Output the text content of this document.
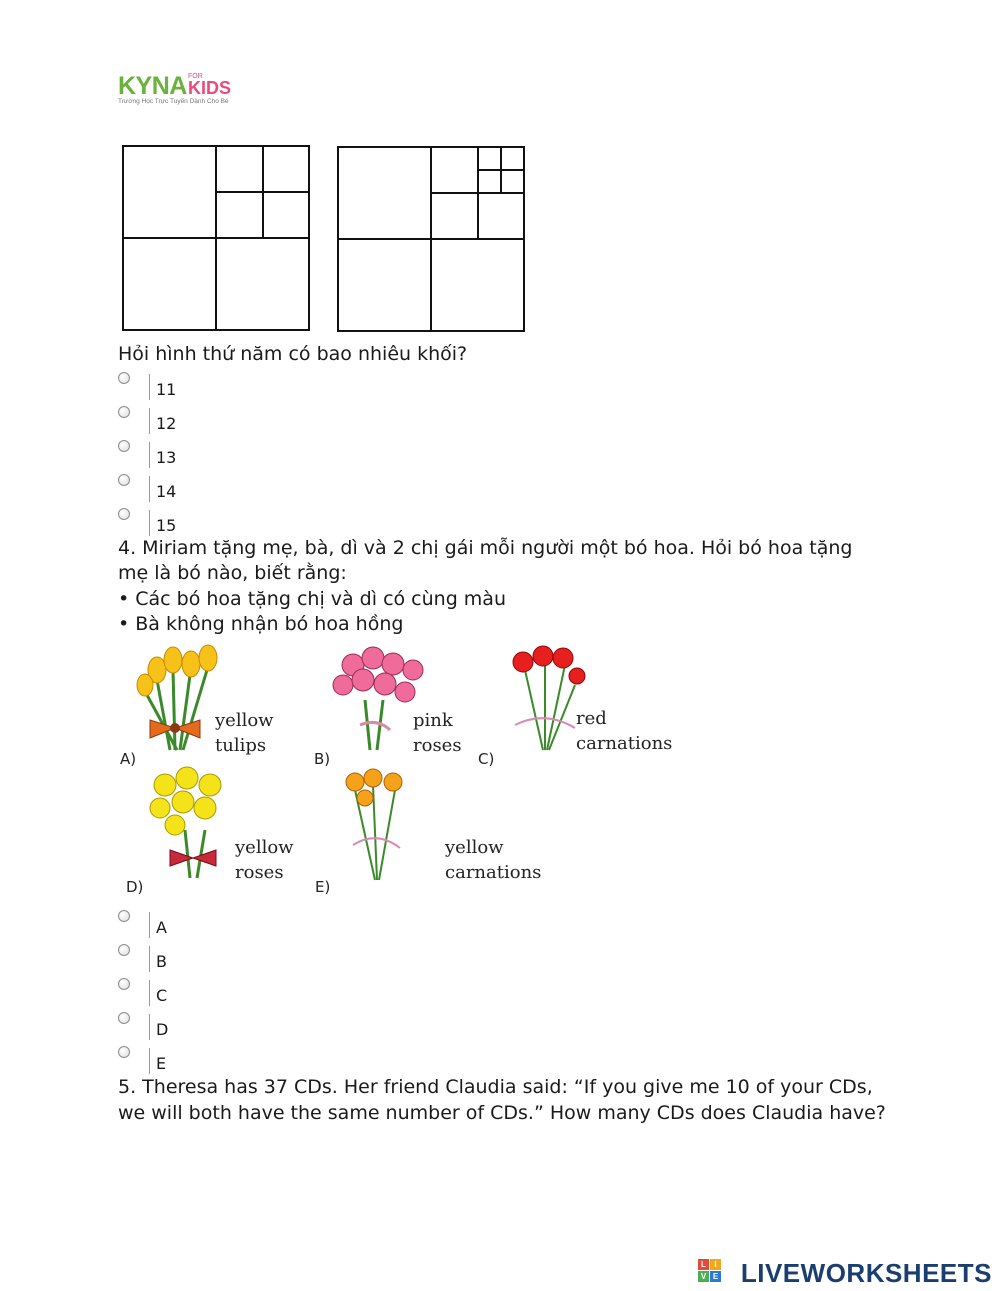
KYNA FOR
KIDS
Trường Học Trực Tuyến Dành Cho Bé
Hỏi hình thứ năm có bao nhiêu khối?
11
12
13
14
15
4. Miriam tặng mẹ, bà, dì và 2 chị gái mỗi người một bó hoa. Hỏi bó hoa tặng
mẹ là bó nào, biết rằng:
• Các bó hoa tặng chị và dì có cùng màu
• Bà không nhận bó hoa hồng
yellow
tulips
A)
pink
roses
B)
red
carnations
C)
yellow
roses
D)
yellow
carnations
E)
A
B
C
D
E
5. Theresa has 37 CDs. Her friend Claudia said: “If you give me 10 of your CDs,
we will both have the same number of CDs.” How many CDs does Claudia have?
L	I
V E LIVEWORKSHEETS
